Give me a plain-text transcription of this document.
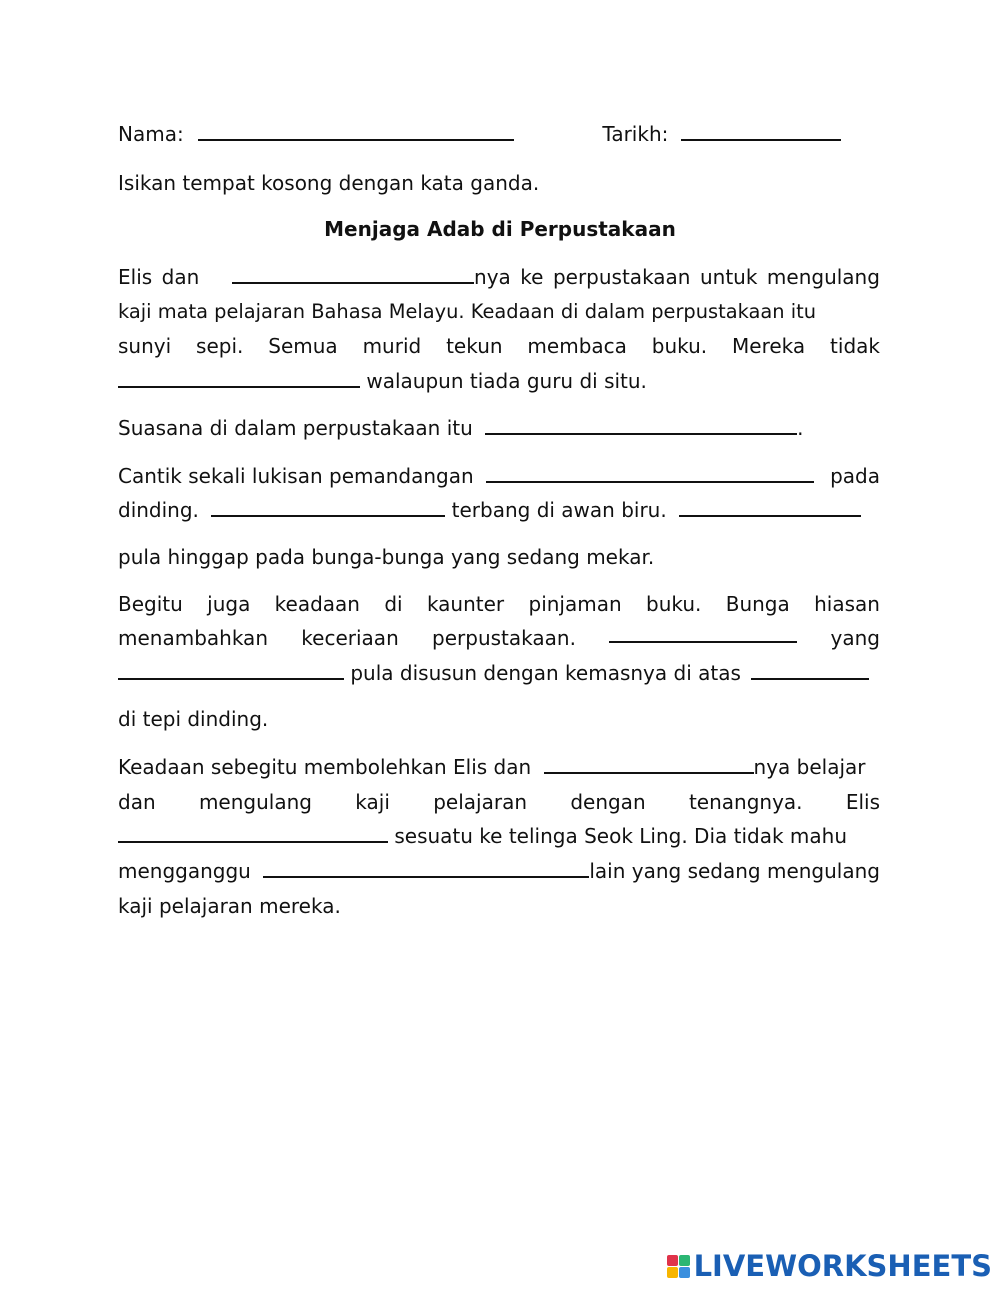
Nama:	Tarikh:
Isikan tempat kosong dengan kata ganda.
Menjaga Adab di Perpustakaan
Elis dan	nya ke perpustakaan untuk mengulang
kaji mata pelajaran Bahasa Melayu. Keadaan di dalam perpustakaan itu
sunyi sepi. Semua murid tekun membaca buku. Mereka tidak
walaupun tiada guru di situ.
Suasana di dalam perpustakaan itu	.
Cantik sekali lukisan pemandangan	pada
dinding.	terbang di awan biru.
pula hinggap pada bunga-bunga yang sedang mekar.
Begitu juga keadaan di kaunter pinjaman buku. Bunga hiasan
menambahkan keceriaan perpustakaan.	yang
pula disusun dengan kemasnya di atas
di tepi dinding.
Keadaan sebegitu membolehkan Elis dan	nya belajar
dan mengulang kaji pelajaran dengan tenangnya. Elis
sesuatu ke telinga Seok Ling. Dia tidak mahu
mengganggu	lain yang sedang mengulang
kaji pelajaran mereka.
LIVEWORKSHEETS
